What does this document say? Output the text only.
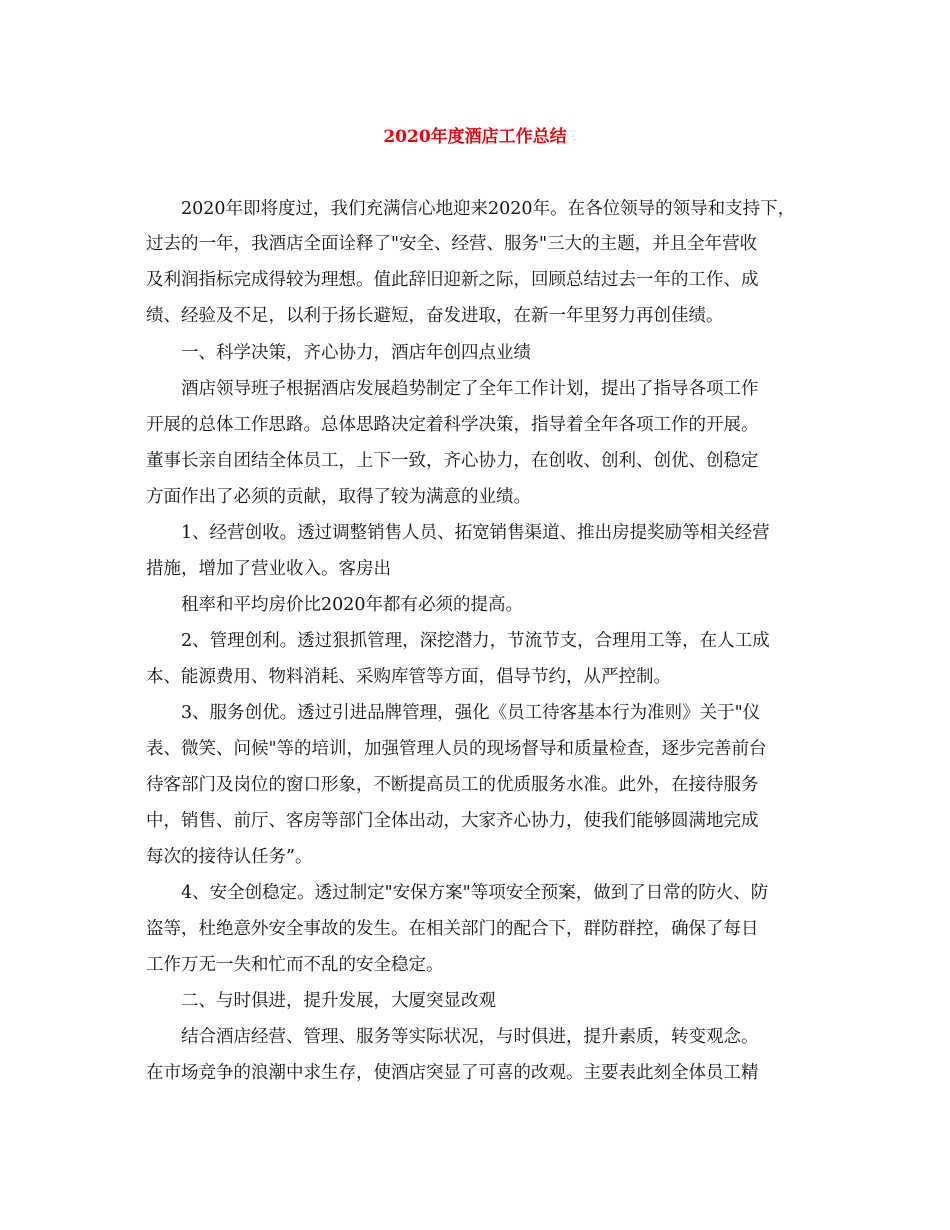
2020年度酒店工作总结
2020年即将度过，我们充满信心地迎来2020年。在各位领导的领导和支持下，
过去的一年，我酒店全面诠释了"安全、经营、服务"三大的主题，并且全年营收
及利润指标完成得较为理想。值此辞旧迎新之际，回顾总结过去一年的工作、成
绩、经验及不足，以利于扬长避短，奋发进取，在新一年里努力再创佳绩。
一、科学决策，齐心协力，酒店年创四点业绩
酒店领导班子根据酒店发展趋势制定了全年工作计划，提出了指导各项工作
开展的总体工作思路。总体思路决定着科学决策，指导着全年各项工作的开展。
董事长亲自团结全体员工，上下一致，齐心协力，在创收、创利、创优、创稳定
方面作出了必须的贡献，取得了较为满意的业绩。
1、经营创收。透过调整销售人员、拓宽销售渠道、推出房提奖励等相关经营
措施，增加了营业收入。客房出
租率和平均房价比2020年都有必须的提高。
2、管理创利。透过狠抓管理，深挖潜力，节流节支，合理用工等，在人工成
本、能源费用、物料消耗、采购库管等方面，倡导节约，从严控制。
3、服务创优。透过引进品牌管理，强化《员工待客基本行为准则》关于"仪
表、微笑、问候"等的培训，加强管理人员的现场督导和质量检查，逐步完善前台
待客部门及岗位的窗口形象，不断提高员工的优质服务水准。此外，在接待服务
中，销售、前厅、客房等部门全体出动，大家齐心协力，使我们能够圆满地完成
每次的接待认任务”。
4、安全创稳定。透过制定"安保方案"等项安全预案，做到了日常的防火、防
盗等，杜绝意外安全事故的发生。在相关部门的配合下，群防群控，确保了每日
工作万无一失和忙而不乱的安全稳定。
二、与时俱进，提升发展，大厦突显改观
结合酒店经营、管理、服务等实际状况，与时俱进，提升素质，转变观念。
在市场竞争的浪潮中求生存，使酒店突显了可喜的改观。主要表此刻全体员工精
